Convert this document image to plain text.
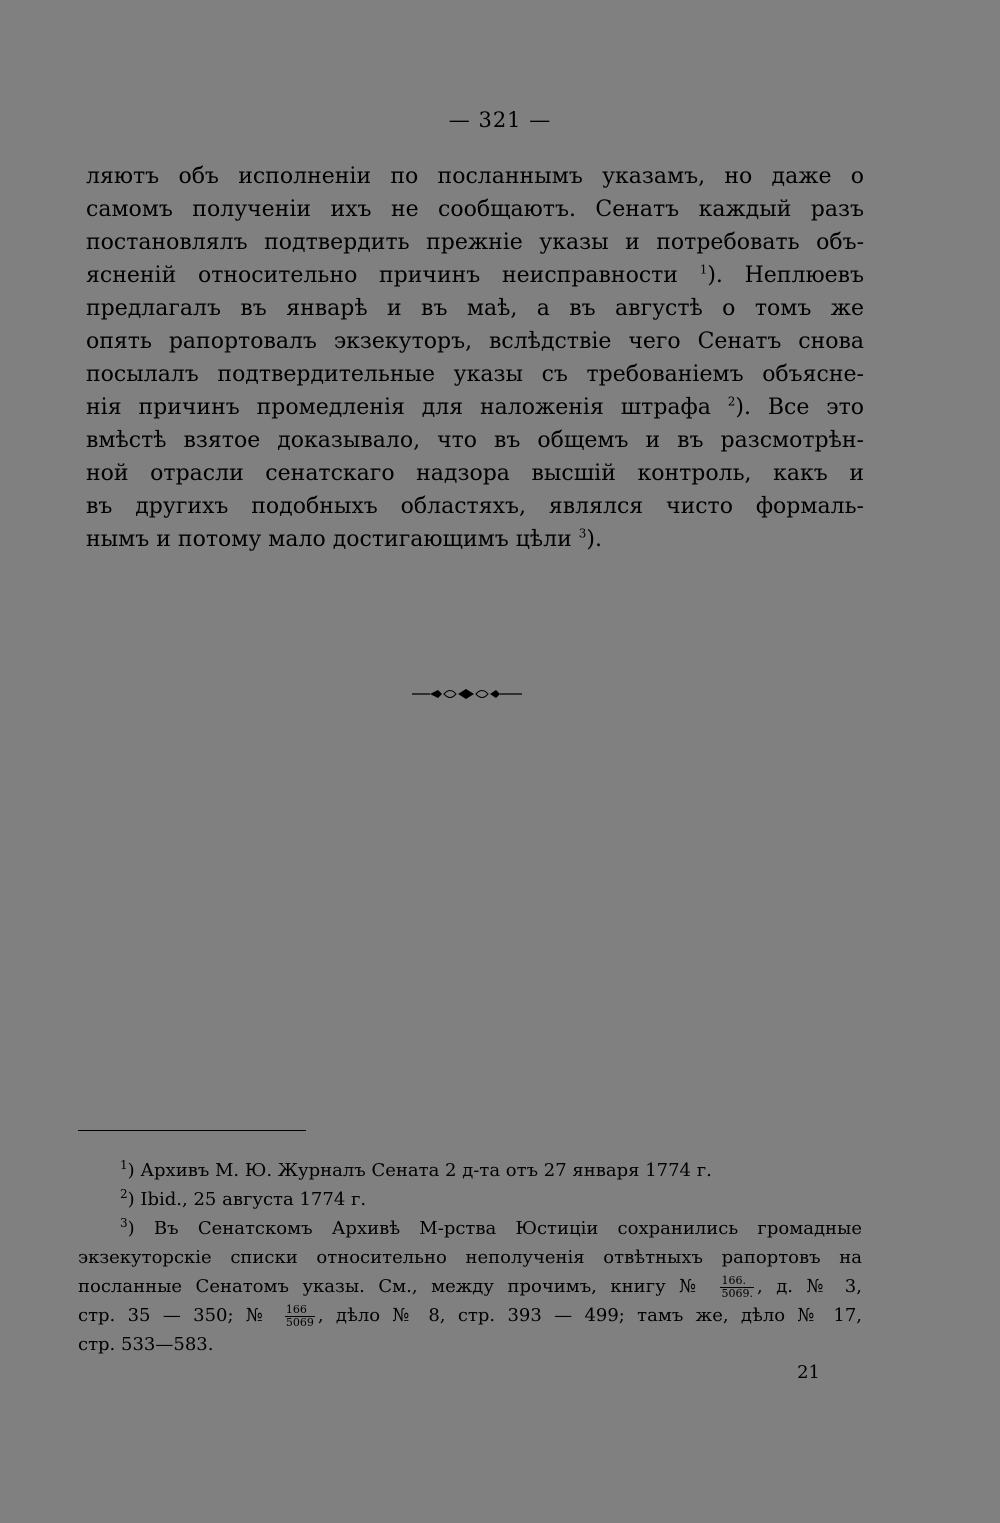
— 321 —
ляютъ объ исполненіи по посланнымъ указамъ, но даже о
самомъ полученіи ихъ не сообщаютъ. Сенатъ каждый разъ
постановлялъ подтвердить прежніе указы и потребовать объ-
ясненій относительно причинъ неисправности $^1$). Неплюевъ
предлагалъ въ январѣ и въ маѣ, а въ августѣ о томъ же
опять рапортовалъ экзекуторъ, вслѣдствіе чего Сенатъ снова
посылалъ подтвердительные указы съ требованіемъ объясне-
нія причинъ промедленія для наложенія штрафа $^2$). Все это
вмѣстѣ взятое доказывало, что въ общемъ и въ разсмотрѣн-
ной отрасли сенатскаго надзора высшій контроль, какъ и
въ другихъ подобныхъ областяхъ, являлся чисто формаль-
нымъ и потому мало достигающимъ цѣли $^3$).
$^1$) Архивъ М. Ю. Журналъ Сената 2 д-та отъ 27 января 1774 г.
$^2$) Ibid., 25 августа 1774 г.
$^3$) Въ Сенатскомъ Архивѣ М-рства Юстиціи сохранились громадные
экзекуторскіе списки относительно неполученія отвѣтныхъ рапортовъ на
посланные Сенатомъ указы. См., между прочимъ, книгу № $\frac{166.}{5069.}$ , д. № 3,
стр. 35 — 350; № $\frac{166}{5069}$ , дѣло № 8, стр. 393 — 499; тамъ же, дѣло № 17,
стр. 533—583.
21
